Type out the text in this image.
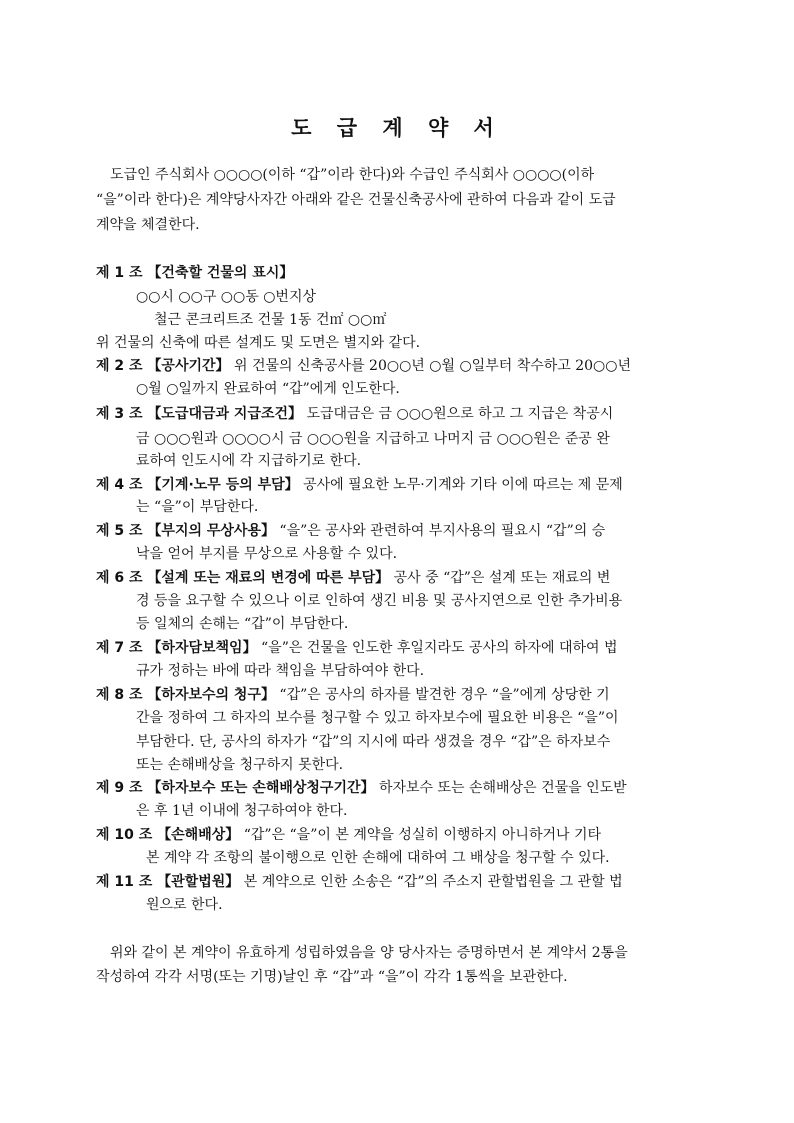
도 급 계 약 서
도급인 주식회사 ○○○○(이하 “갑”이라 한다)와 수급인 주식회사 ○○○○(이하
“을”이라 한다)은 계약당사자간 아래와 같은 건물신축공사에 관하여 다음과 같이 도급
계약을 체결한다.
제 1 조 【건축할 건물의 표시】
○○시 ○○구 ○○동 ○번지상
철근 콘크리트조 건물 1동 건㎡ ○○㎡
위 건물의 신축에 따른 설계도 및 도면은 별지와 같다.
제 2 조 【공사기간】 위 건물의 신축공사를 20○○년 ○월 ○일부터 착수하고 20○○년
○월 ○일까지 완료하여 “갑”에게 인도한다.
제 3 조 【도급대금과 지급조건】 도급대금은 금 ○○○원으로 하고 그 지급은 착공시
금 ○○○원과 ○○○○시 금 ○○○원을 지급하고 나머지 금 ○○○원은 준공 완
료하여 인도시에 각 지급하기로 한다.
제 4 조 【기계·노무 등의 부담】 공사에 필요한 노무·기계와 기타 이에 따르는 제 문제
는 “을”이 부담한다.
제 5 조 【부지의 무상사용】 “을”은 공사와 관련하여 부지사용의 필요시 “갑”의 승
낙을 얻어 부지를 무상으로 사용할 수 있다.
제 6 조 【설계 또는 재료의 변경에 따른 부담】 공사 중 “갑”은 설계 또는 재료의 변
경 등을 요구할 수 있으나 이로 인하여 생긴 비용 및 공사지연으로 인한 추가비용
등 일체의 손해는 “갑”이 부담한다.
제 7 조 【하자담보책임】 “을”은 건물을 인도한 후일지라도 공사의 하자에 대하여 법
규가 정하는 바에 따라 책임을 부담하여야 한다.
제 8 조 【하자보수의 청구】 “갑”은 공사의 하자를 발견한 경우 “을”에게 상당한 기
간을 정하여 그 하자의 보수를 청구할 수 있고 하자보수에 필요한 비용은 “을”이
부담한다. 단, 공사의 하자가 “갑”의 지시에 따라 생겼을 경우 “갑”은 하자보수
또는 손해배상을 청구하지 못한다.
제 9 조 【하자보수 또는 손해배상청구기간】 하자보수 또는 손해배상은 건물을 인도받
은 후 1년 이내에 청구하여야 한다.
제 10 조 【손해배상】 “갑”은 “을”이 본 계약을 성실히 이행하지 아니하거나 기타
본 계약 각 조항의 불이행으로 인한 손해에 대하여 그 배상을 청구할 수 있다.
제 11 조 【관할법원】 본 계약으로 인한 소송은 “갑”의 주소지 관할법원을 그 관할 법
원으로 한다.
위와 같이 본 계약이 유효하게 성립하였음을 양 당사자는 증명하면서 본 계약서 2통을
작성하여 각각 서명(또는 기명)날인 후 “갑”과 “을”이 각각 1통씩을 보관한다.
